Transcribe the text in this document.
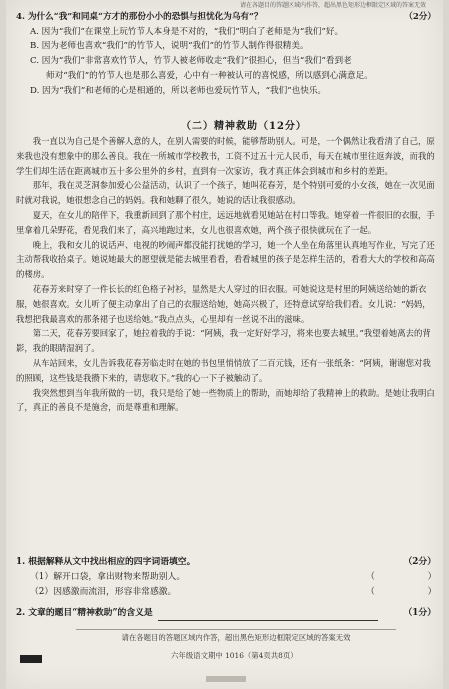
请在各题目的答题区域内作答，超出黑色矩形边框限定区域的答案无效
4. 为什么“我”和同桌“方才的那份小小的恐惧与担忧化为乌有”？	（2分）
A. 因为“我们”在课堂上玩竹节人本身是不对的，“我们”明白了老师是为“我们”好。
B. 因为老师也喜欢“我们”的竹节人，说明“我们”的竹节人制作得很精美。
C. 因为“我们”非常喜欢竹节人，竹节人被老师收走“我们”很担心，但当“我们”看到老
师对“我们”的竹节人也是那么喜爱，心中有一种被认可的喜悦感，所以感到心满意足。
D. 因为“我们”和老师的心是相通的，所以老师也爱玩竹节人，“我们”也快乐。
（二）精神救助（12分）

我一直以为自己是个善解人意的人，在别人需要的时候，能够帮助别人。可是，一个偶然让我看清了自己，原来我也没有想象中的那么善良。我在一所城市学校教书，工资不过五十元人民币，每天在城市里往返奔波，而我的学生们却生活在距离城市五十多公里外的乡村，直到有一次家访，我才真正体会到城市和乡村的差距。

那年，我在灵芝洞参加爱心公益活动，认识了一个孩子，她叫花春芳，是个特别可爱的小女孩，她在一次见面时就对我说，她很想念自己的妈妈。我和她聊了很久，她说的话让我很感动。

夏天，在女儿的陪伴下，我重新回到了那个村庄，远远地就看见她站在村口等我。她穿着一件很旧的衣服，手里拿着几朵野花，看见我们来了，高兴地跑过来，女儿也很喜欢她，两个孩子很快就玩在了一起。

晚上，我和女儿的说话声、电视的吵闹声都没能打扰她的学习，她一个人坐在角落里认真地写作业，写完了还主动帮我收拾桌子。她说她最大的愿望就是能去城里看看，看看城里的孩子是怎样生活的，看看大大的学校和高高的楼房。

花春芳来时穿了一件长长的红色格子衬衫，显然是大人穿过的旧衣服。可她说这是村里的阿姨送给她的新衣服，她很喜欢。女儿听了便主动拿出了自己的衣服送给她，她高兴极了，还特意试穿给我们看。女儿说：“妈妈，我想把我最喜欢的那条裙子也送给她。”我点点头，心里却有一丝说不出的滋味。

第二天，花春芳要回家了，她拉着我的手说：“阿姨，我一定好好学习，将来也要去城里。”我望着她离去的背影，我的眼睛湿润了。

从车站回来，女儿告诉我花春芳临走时在她的书包里悄悄放了二百元钱，还有一张纸条：“阿姨，谢谢您对我的照顾，这些钱是我攒下来的，请您收下。”我的心一下子被触动了。

我突然想到当年我所做的一切，我只是给了她一些物质上的帮助，而她却给了我精神上的救助。是她让我明白了，真正的善良不是施舍，而是尊重和理解。

1. 根据解释从文中找出相应的四字词语填空。	（2分）
（1）解开口袋，拿出财物来帮助别人。	（　　　　　　）
（2）因感激而流泪，形容非常感激。	（　　　　　　）
2. 文章的题目“精神救助”的含义是	（1分）
请在各题目的答题区域内作答，超出黑色矩形边框限定区域的答案无效
六年级语文期中 1016（第4页共8页）
